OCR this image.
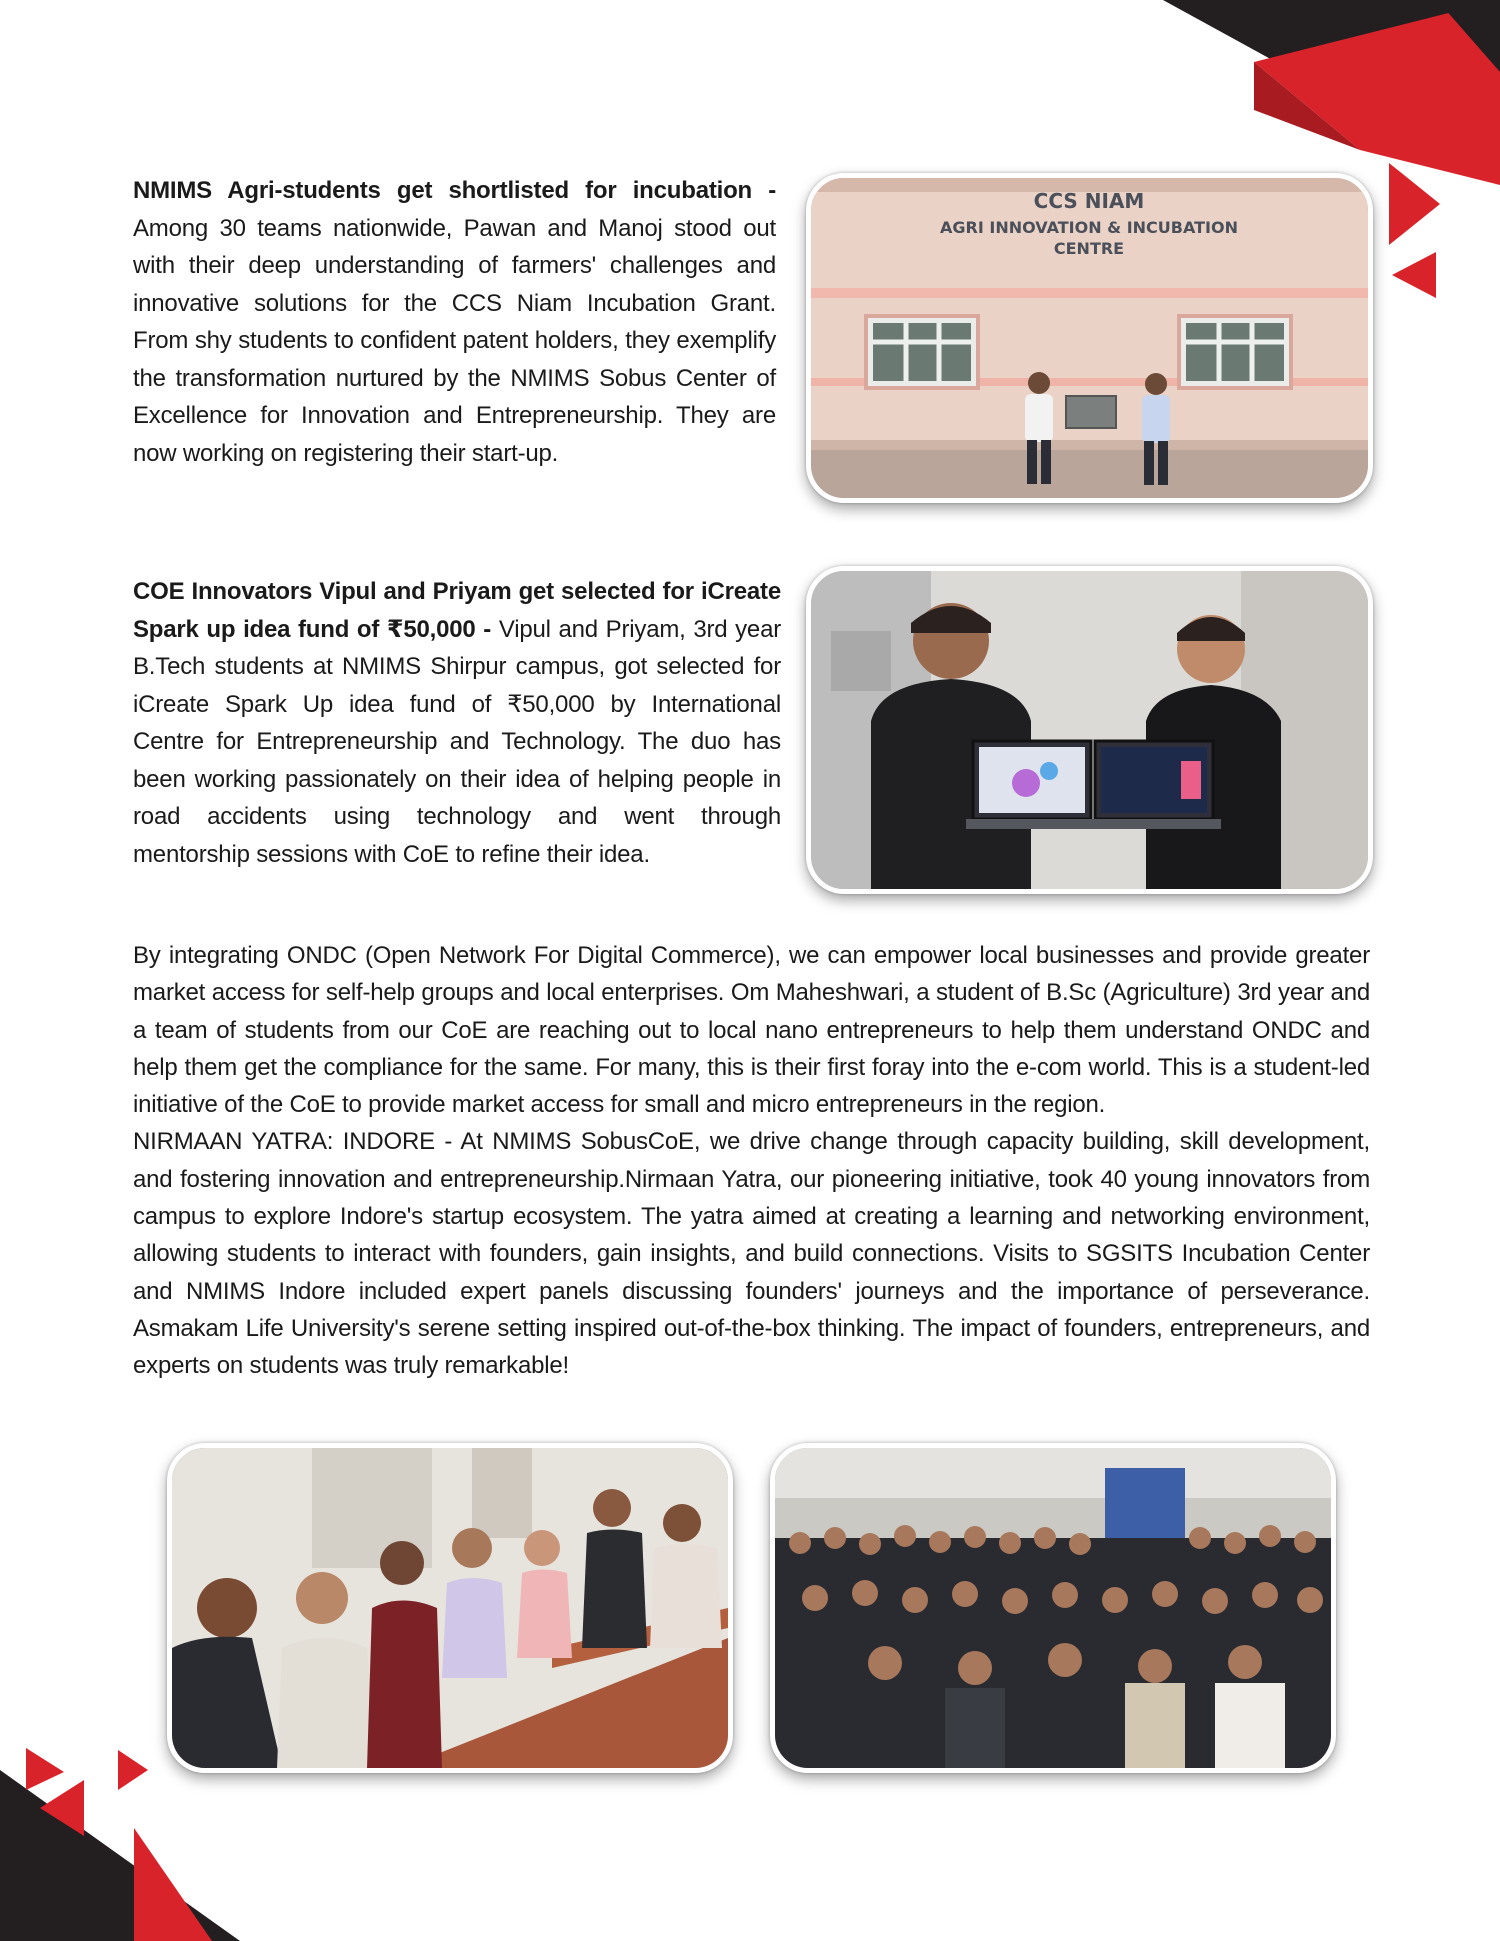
NMIMS Agri-students get shortlisted for incubation - Among 30 teams nationwide, Pawan and Manoj stood out with their deep understanding of farmers' challenges and innovative solutions for the CCS Niam Incubation Grant. From shy students to confident patent holders, they exemplify the transformation nurtured by the NMIMS Sobus Center of Excellence for Innovation and Entrepreneurship. They are now working on registering their start-up.
CCS NIAM
AGRI INNOVATION & INCUBATION
CENTRE
COE Innovators Vipul and Priyam get selected for iCreate Spark up idea fund of ₹50,000 - Vipul and Priyam, 3rd year B.Tech students at NMIMS Shirpur campus, got selected for iCreate Spark Up idea fund of ₹50,000 by International Centre for Entrepreneurship and Technology. The duo has been working passionately on their idea of helping people in road accidents using technology and went through mentorship sessions with CoE to refine their idea.

By integrating ONDC (Open Network For Digital Commerce), we can empower local businesses and provide greater market access for self-help groups and local enterprises. Om Maheshwari, a student of B.Sc (Agriculture) 3rd year and a team of students from our CoE are reaching out to local nano entrepreneurs to help them understand ONDC and help them get the compliance for the same. For many, this is their first foray into the e-com world. This is a student-led initiative of the CoE to provide market access for small and micro entrepreneurs in the region.

NIRMAAN YATRA: INDORE - At NMIMS SobusCoE, we drive change through capacity building, skill development, and fostering innovation and entrepreneurship.Nirmaan Yatra, our pioneering initiative, took 40 young innovators from campus to explore Indore's startup ecosystem. The yatra aimed at creating a learning and networking environment, allowing students to interact with founders, gain insights, and build connections. Visits to SGSITS Incubation Center and NMIMS Indore included expert panels discussing founders' journeys and the importance of perseverance. Asmakam Life University's serene setting inspired out-of-the-box thinking. The impact of founders, entrepreneurs, and experts on students was truly remarkable!
